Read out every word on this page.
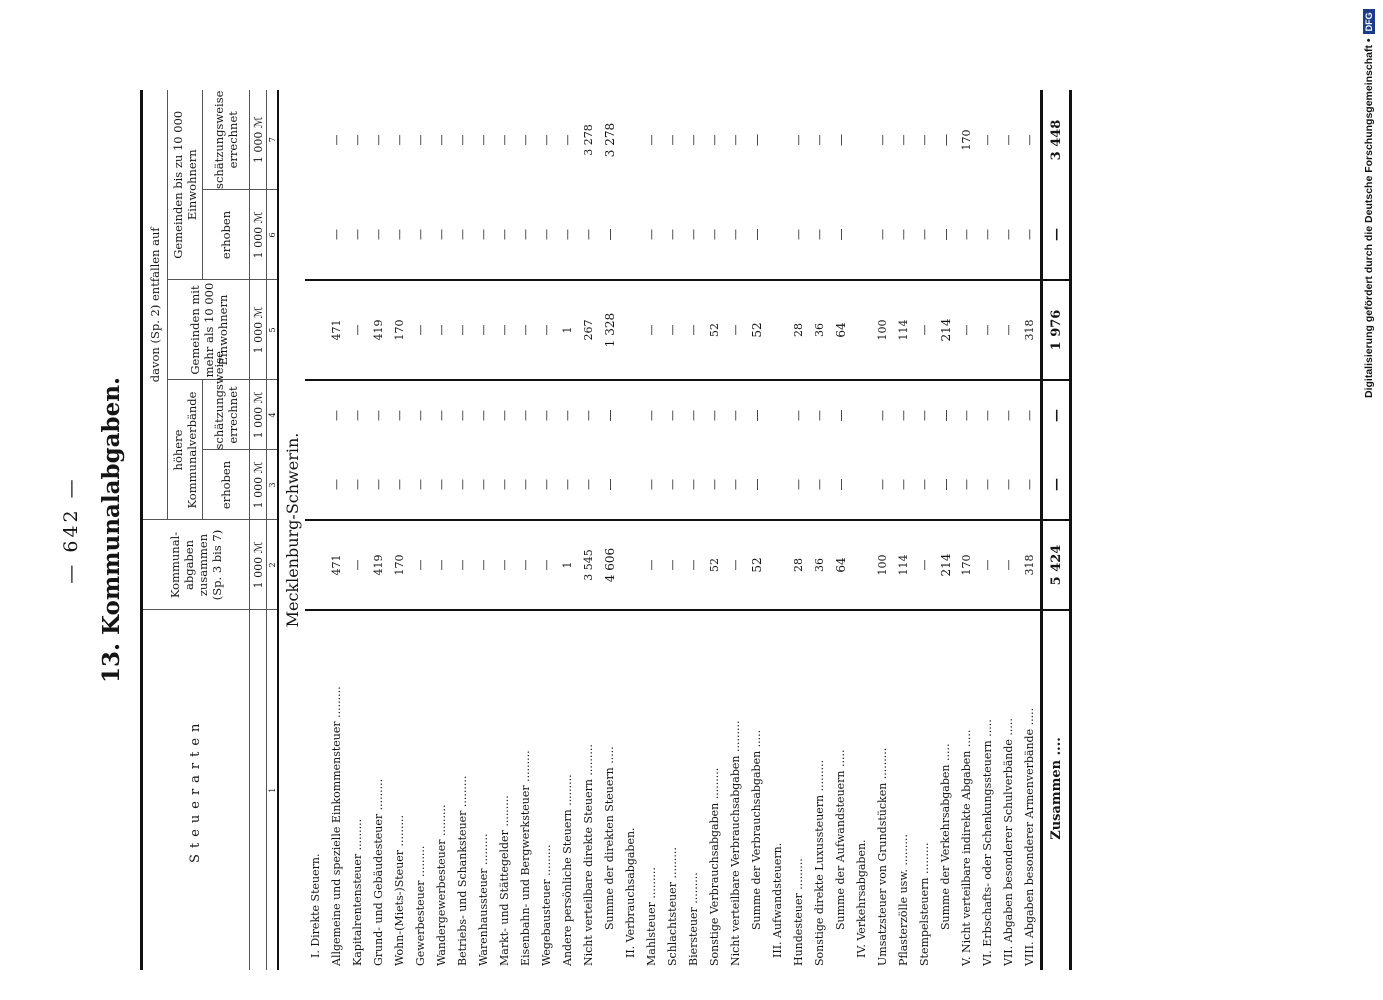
— 642 — 13. Kommunalabgaben.
Steuerarten	Kommunal-abgaben zusammen (Sp. 3 bis 7)	davon (Sp. 2) entfallen auf				
		höhere Kommunalverbände		Gemeinden mit mehr als 10 000 Einwohnern	Gemeinden bis zu 10 000 Einwohnern	
		erhoben	schätzungsweise errechnet		erhoben	schätzungsweise errechnet
	1 000 ℳ	1 000 ℳ	1 000 ℳ	1 000 ℳ	1 000 ℳ	1 000 ℳ
1	2	3	4	5	6	7
Mecklenburg-Schwerin.						
I. Direkte Steuern.						
Allgemeine und spezielle Einkommensteuer .........	471	—	—	471	—	—
Kapitalrentensteuer .........	—	—	—	—	—	—
Grund- und Gebäudesteuer .........	419	—	—	419	—	—
Wohn-(Miets-)Steuer .........	170	—	—	170	—	—
Gewerbesteuer .........	—	—	—	—	—	—
Wandergewerbesteuer .........	—	—	—	—	—	—
Betriebs- und Schanksteuer .........	—	—	—	—	—	—
Warenhaussteuer .........	—	—	—	—	—	—
Markt- und Stättegelder .........	—	—	—	—	—	—
Eisenbahn- und Bergwerksteuer .........	—	—	—	—	—	—
Wegebausteuer .........	—	—	—	—	—	—
Andere persönliche Steuern .........	1	—	—	1	—	—
Nicht verteilbare direkte Steuern .........	3 545	—	—	267	—	3 278
Summe der direkten Steuern .....	4 606	—	—	1 328	—	3 278
II. Verbrauchsabgaben.						
Mahlsteuer .........	—	—	—	—	—	—
Schlachtsteuer .........	—	—	—	—	—	—
Biersteuer .........	—	—	—	—	—	—
Sonstige Verbrauchsabgaben .........	52	—	—	52	—	—
Nicht verteilbare Verbrauchsabgaben .........	—	—	—	—	—	—
Summe der Verbrauchsabgaben .....	52	—	—	52	—	—
III. Aufwandsteuern.						
Hundesteuer .........	28	—	—	28	—	—
Sonstige direkte Luxussteuern .........	36	—	—	36	—	—
Summe der Aufwandsteuern .....	64	—	—	64	—	—
IV. Verkehrsabgaben.						
Umsatzsteuer von Grundstücken .........	100	—	—	100	—	—
Pflasterzölle usw. .........	114	—	—	114	—	—
Stempelsteuern .........	—	—	—	—	—	—
Summe der Verkehrsabgaben .....	214	—	—	214	—	—
V. Nicht verteilbare indirekte Abgaben .....	170	—	—	—	—	170
VI. Erbschafts- oder Schenkungssteuern .....	—	—	—	—	—	—
VII. Abgaben besonderer Schulverbände .....	—	—	—	—	—	—
VIII. Abgaben besonderer Armenverbände .....	318	—	—	318	—	—
Zusammen ....	5 424	—	—	1 976	—	3 448	Digitalisierung gefördert durch die Deutsche Forschungsgemeinschaft •
DFG
